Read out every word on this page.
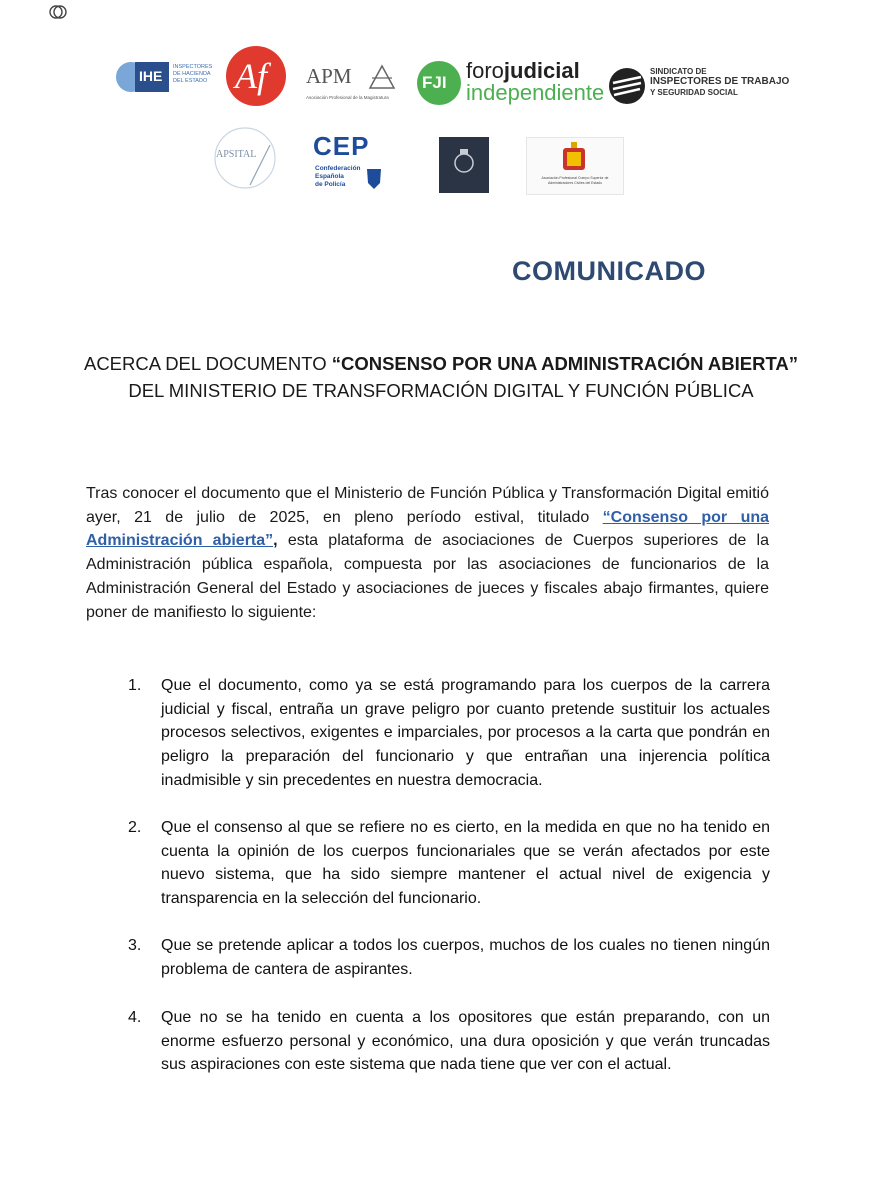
IHE
INSPECTORES DE HACIENDA DEL ESTADO Af APM
Asociación Profesional de la Magistratura
FJI forojudicial
independiente
SINDICATO DE
INSPECTORES DE TRABAJO
Y SEGURIDAD SOCIAL
APSITAL CEP
Confederación
Española
de Policía
Asociación Profesional Cuerpo Superior de Administradores Civiles del Estado
COMUNICADO
ACERCA DEL DOCUMENTO “CONSENSO POR UNA ADMINISTRACIÓN ABIERTA” DEL MINISTERIO DE TRANSFORMACIÓN DIGITAL Y FUNCIÓN PÚBLICA
Tras conocer el documento que el Ministerio de Función Pública y Transformación Digital emitió ayer, 21 de julio de 2025, en pleno período estival, titulado “Consenso por una Administración abierta”, esta plataforma de asociaciones de Cuerpos superiores de la Administración pública española, compuesta por las asociaciones de funcionarios de la Administración General del Estado y asociaciones de jueces y fiscales abajo firmantes, quiere poner de manifiesto lo siguiente:
1.	Que el documento, como ya se está programando para los cuerpos de la carrera judicial y fiscal, entraña un grave peligro por cuanto pretende sustituir los actuales procesos selectivos, exigentes e imparciales, por procesos a la carta que pondrán en peligro la preparación del funcionario y que entrañan una injerencia política inadmisible y sin precedentes en nuestra democracia.
2.	Que el consenso al que se refiere no es cierto, en la medida en que no ha tenido en cuenta la opinión de los cuerpos funcionariales que se verán afectados por este nuevo sistema, que ha sido siempre mantener el actual nivel de exigencia y transparencia en la selección del funcionario.
3.	Que se pretende aplicar a todos los cuerpos, muchos de los cuales no tienen ningún problema de cantera de aspirantes.
4.	Que no se ha tenido en cuenta a los opositores que están preparando, con un enorme esfuerzo personal y económico, una dura oposición y que verán truncadas sus aspiraciones con este sistema que nada tiene que ver con el actual.
